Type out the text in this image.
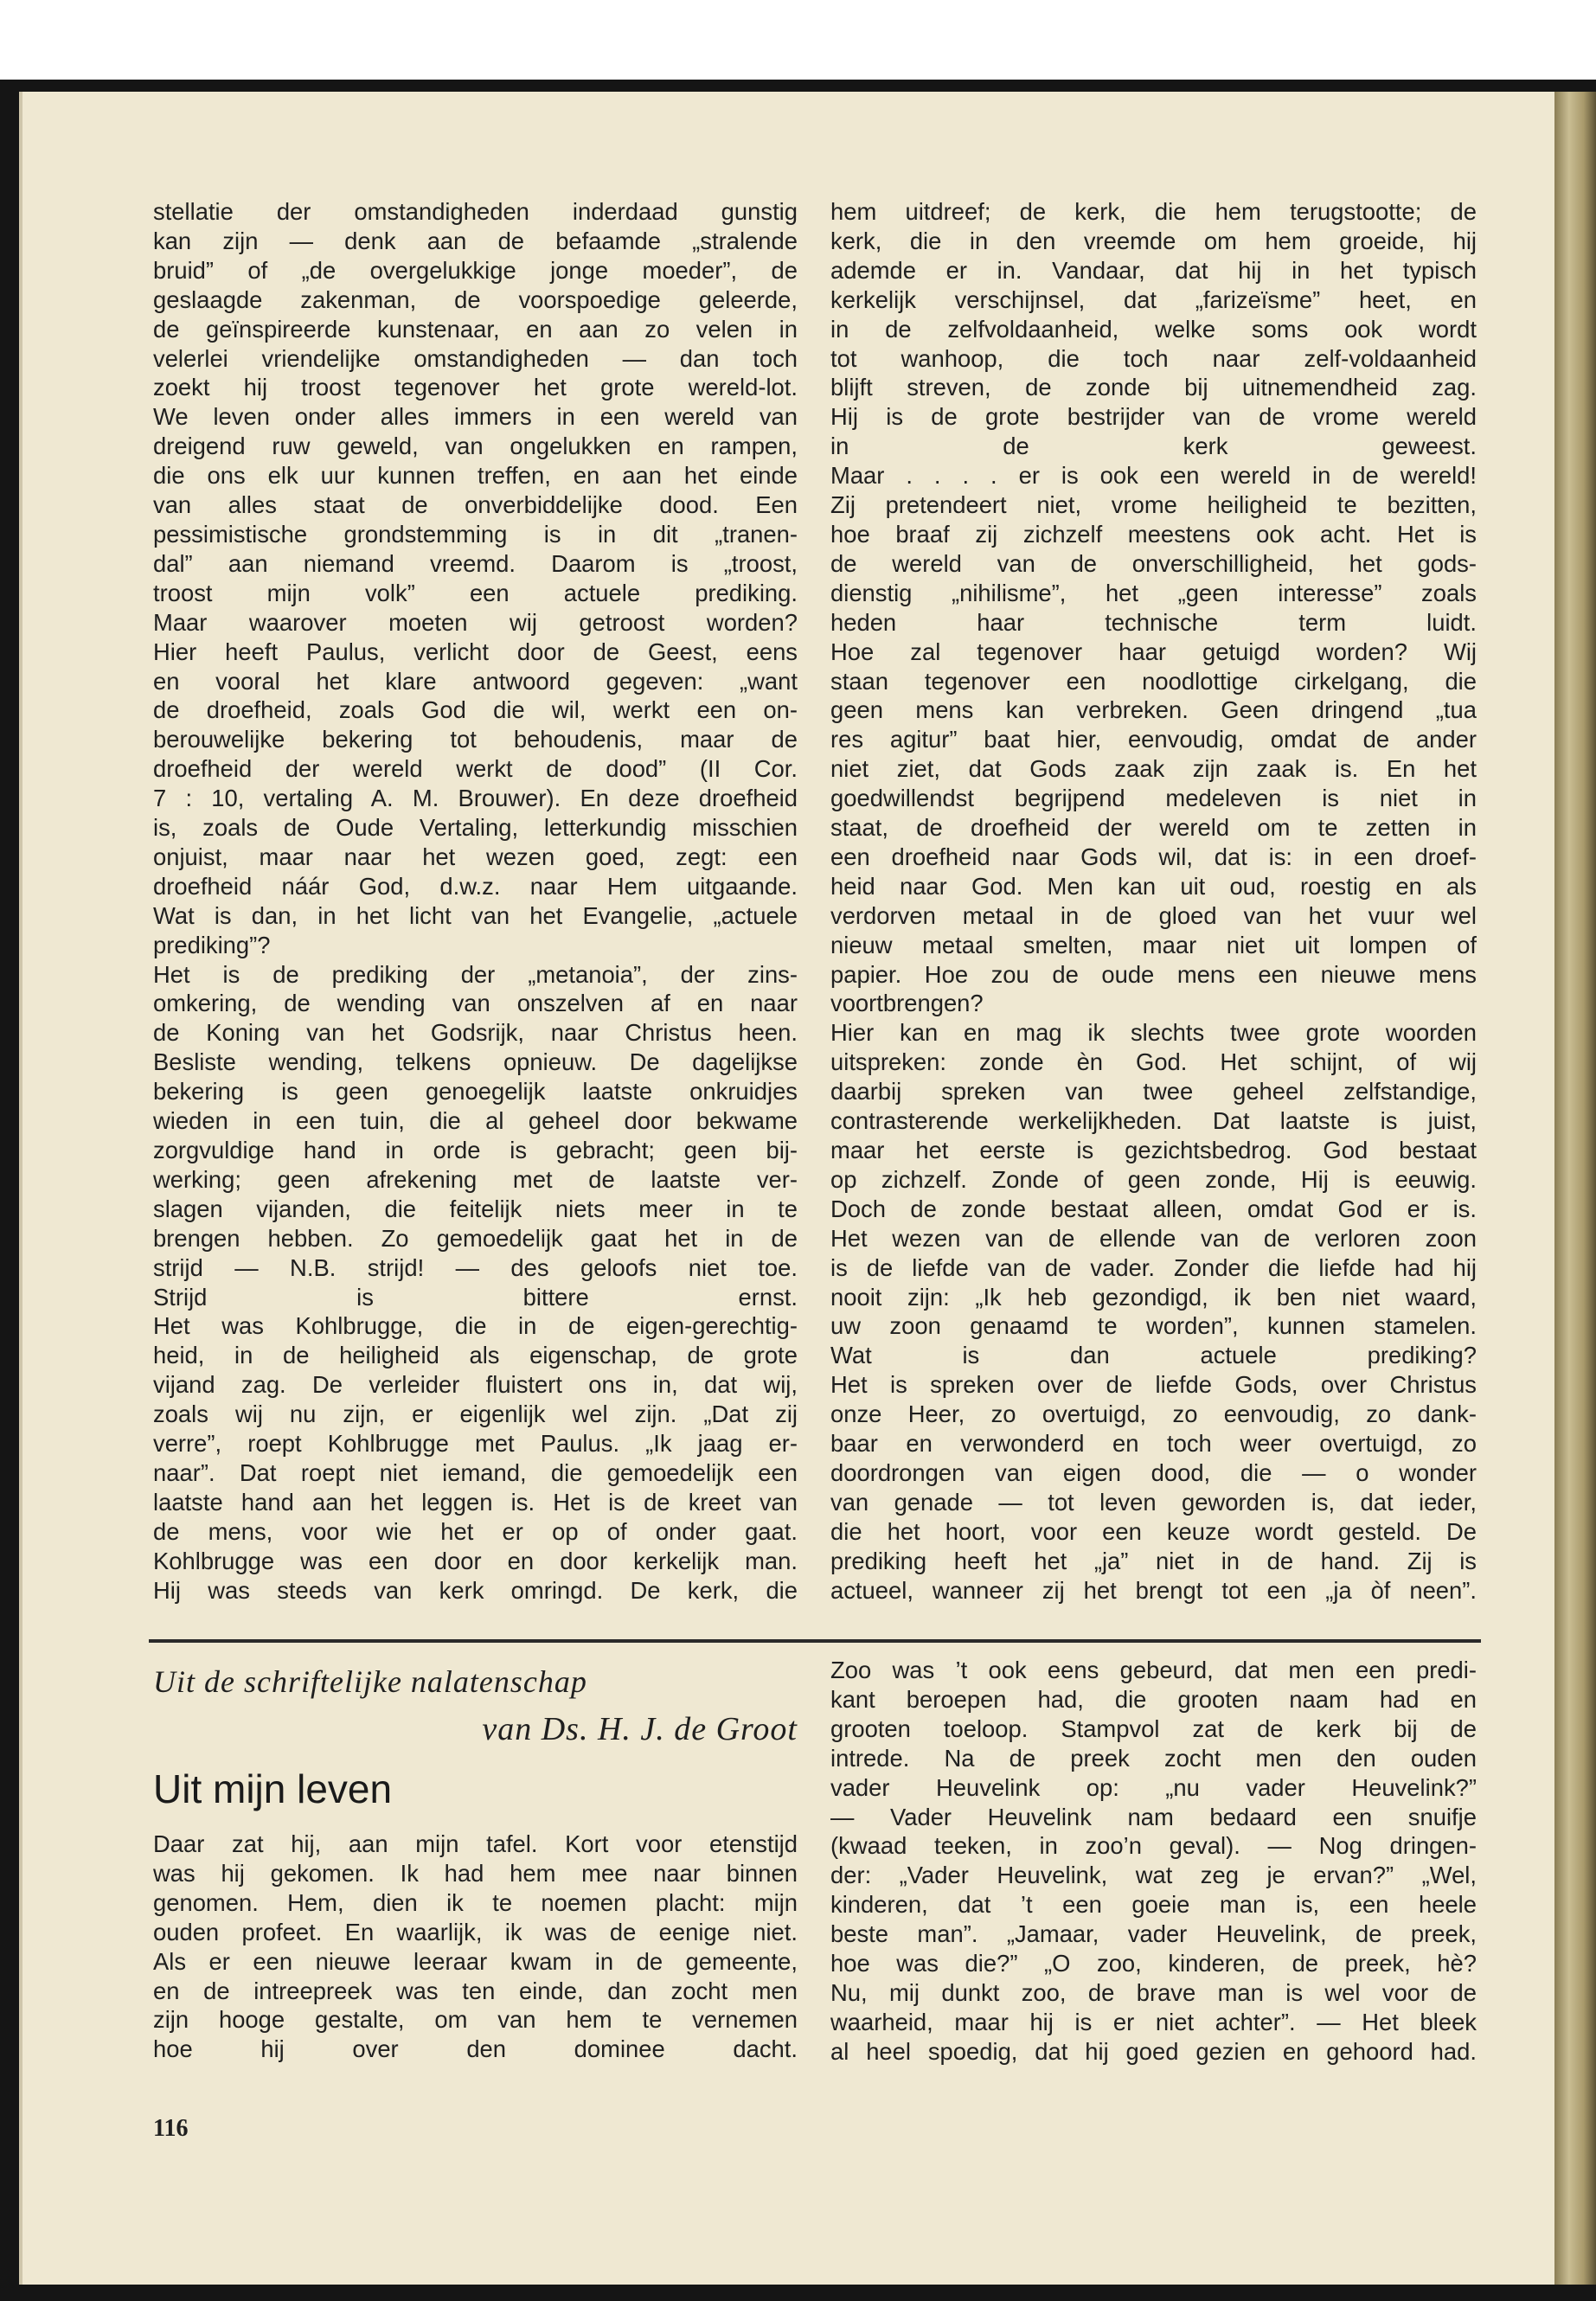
stellatie der omstandigheden inderdaad gunstig
kan zijn — denk aan de befaamde „stralende
bruid” of „de overgelukkige jonge moeder”, de
geslaagde zakenman, de voorspoedige geleerde,
de geïnspireerde kunstenaar, en aan zo velen in
velerlei vriendelijke omstandigheden — dan toch
zoekt hij troost tegenover het grote wereld-lot.
We leven onder alles immers in een wereld van
dreigend ruw geweld, van ongelukken en rampen,
die ons elk uur kunnen treffen, en aan het einde
van alles staat de onverbiddelijke dood. Een
pessimistische grondstemming is in dit „tranen-
dal” aan niemand vreemd. Daarom is „troost,
troost mijn volk” een actuele prediking.
Maar waarover moeten wij getroost worden?
Hier heeft Paulus, verlicht door de Geest, eens
en vooral het klare antwoord gegeven: „want
de droefheid, zoals God die wil, werkt een on-
berouwelijke bekering tot behoudenis, maar de
droefheid der wereld werkt de dood” (II Cor.
7 : 10, vertaling A. M. Brouwer). En deze droefheid
is, zoals de Oude Vertaling, letterkundig misschien
onjuist, maar naar het wezen goed, zegt: een
droefheid náár God, d.w.z. naar Hem uitgaande.
Wat is dan, in het licht van het Evangelie, „actuele
prediking”?
Het is de prediking der „metanoia”, der zins-
omkering, de wending van onszelven af en naar
de Koning van het Godsrijk, naar Christus heen.
Besliste wending, telkens opnieuw. De dagelijkse
bekering is geen genoegelijk laatste onkruidjes
wieden in een tuin, die al geheel door bekwame
zorgvuldige hand in orde is gebracht; geen bij-
werking; geen afrekening met de laatste ver-
slagen vijanden, die feitelijk niets meer in te
brengen hebben. Zo gemoedelijk gaat het in de
strijd — N.B. strijd! — des geloofs niet toe.
Strijd is bittere ernst.
Het was Kohlbrugge, die in de eigen-gerechtig-
heid, in de heiligheid als eigenschap, de grote
vijand zag. De verleider fluistert ons in, dat wij,
zoals wij nu zijn, er eigenlijk wel zijn. „Dat zij
verre”, roept Kohlbrugge met Paulus. „Ik jaag er-
naar”. Dat roept niet iemand, die gemoedelijk een
laatste hand aan het leggen is. Het is de kreet van
de mens, voor wie het er op of onder gaat.
Kohlbrugge was een door en door kerkelijk man.
Hij was steeds van kerk omringd. De kerk, die

hem uitdreef; de kerk, die hem terugstootte; de
kerk, die in den vreemde om hem groeide, hij
ademde er in. Vandaar, dat hij in het typisch
kerkelijk verschijnsel, dat „farizeïsme” heet, en
in de zelfvoldaanheid, welke soms ook wordt
tot wanhoop, die toch naar zelf-voldaanheid
blijft streven, de zonde bij uitnemendheid zag.
Hij is de grote bestrijder van de vrome wereld
in de kerk geweest.
Maar . . . . er is ook een wereld in de wereld!
Zij pretendeert niet, vrome heiligheid te bezitten,
hoe braaf zij zichzelf meestens ook acht. Het is
de wereld van de onverschilligheid, het gods-
dienstig „nihilisme”, het „geen interesse” zoals
heden haar technische term luidt.
Hoe zal tegenover haar getuigd worden? Wij
staan tegenover een noodlottige cirkelgang, die
geen mens kan verbreken. Geen dringend „tua
res agitur” baat hier, eenvoudig, omdat de ander
niet ziet, dat Gods zaak zijn zaak is. En het
goedwillendst begrijpend medeleven is niet in
staat, de droefheid der wereld om te zetten in
een droefheid naar Gods wil, dat is: in een droef-
heid naar God. Men kan uit oud, roestig en als
verdorven metaal in de gloed van het vuur wel
nieuw metaal smelten, maar niet uit lompen of
papier. Hoe zou de oude mens een nieuwe mens
voortbrengen?
Hier kan en mag ik slechts twee grote woorden
uitspreken: zonde èn God. Het schijnt, of wij
daarbij spreken van twee geheel zelfstandige,
contrasterende werkelijkheden. Dat laatste is juist,
maar het eerste is gezichtsbedrog. God bestaat
op zichzelf. Zonde of geen zonde, Hij is eeuwig.
Doch de zonde bestaat alleen, omdat God er is.
Het wezen van de ellende van de verloren zoon
is de liefde van de vader. Zonder die liefde had hij
nooit zijn: „Ik heb gezondigd, ik ben niet waard,
uw zoon genaamd te worden”, kunnen stamelen.
Wat is dan actuele prediking?
Het is spreken over de liefde Gods, over Christus
onze Heer, zo overtuigd, zo eenvoudig, zo dank-
baar en verwonderd en toch weer overtuigd, zo
doordrongen van eigen dood, die — o wonder
van genade — tot leven geworden is, dat ieder,
die het hoort, voor een keuze wordt gesteld. De
prediking heeft het „ja” niet in de hand. Zij is
actueel, wanneer zij het brengt tot een „ja òf neen”.

Uit de schriftelijke nalatenschap

van Ds. H. J. de Groot

Uit mijn leven

Daar zat hij, aan mijn tafel. Kort voor etenstijd
was hij gekomen. Ik had hem mee naar binnen
genomen. Hem, dien ik te noemen placht: mijn
ouden profeet. En waarlijk, ik was de eenige niet.
Als er een nieuwe leeraar kwam in de gemeente,
en de intreepreek was ten einde, dan zocht men
zijn hooge gestalte, om van hem te vernemen
hoe hij over den dominee dacht.

Zoo was ’t ook eens gebeurd, dat men een predi-
kant beroepen had, die grooten naam had en
grooten toeloop. Stampvol zat de kerk bij de
intrede. Na de preek zocht men den ouden
vader Heuvelink op: „nu vader Heuvelink?”
— Vader Heuvelink nam bedaard een snuifje
(kwaad teeken, in zoo’n geval). — Nog dringen-
der: „Vader Heuvelink, wat zeg je ervan?” „Wel,
kinderen, dat ’t een goeie man is, een heele
beste man”. „Jamaar, vader Heuvelink, de preek,
hoe was die?” „O zoo, kinderen, de preek, hè?
Nu, mij dunkt zoo, de brave man is wel voor de
waarheid, maar hij is er niet achter”. — Het bleek
al heel spoedig, dat hij goed gezien en gehoord had.

116
